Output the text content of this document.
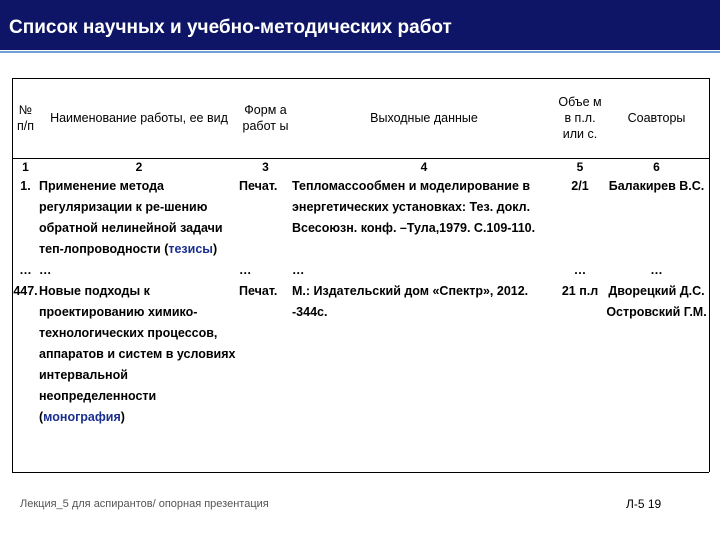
Список научных и учебно-методических работ
№ п/п	Наименование работы, ее вид	Форм а работ ы	Выходные данные	Объе м в п.л. или с.	Соавторы
1	2	3	4	5	6
1.	Применение метода регуляризации к ре-шению обратной нелинейной задачи теп-лопроводности (тезисы)	Печат.	Тепломассообмен и моделирование в энергетических установках: Тез. докл. Всесоюзн. конф. –Тула,1979. С.109-110.	2/1	Балакирев В.С.
…	…	…	…	…	…
447.	Новые подходы к проектированию химико-технологических процессов, аппаратов и систем в условиях интервальной неопределенности (монография)	Печат.	М.: Издательский дом «Спектр», 2012. -344с.	21 п.л	Дворецкий Д.С. Островский Г.М.
Лекция_5 для аспирантов/ опорная презентация	Л-5 19
